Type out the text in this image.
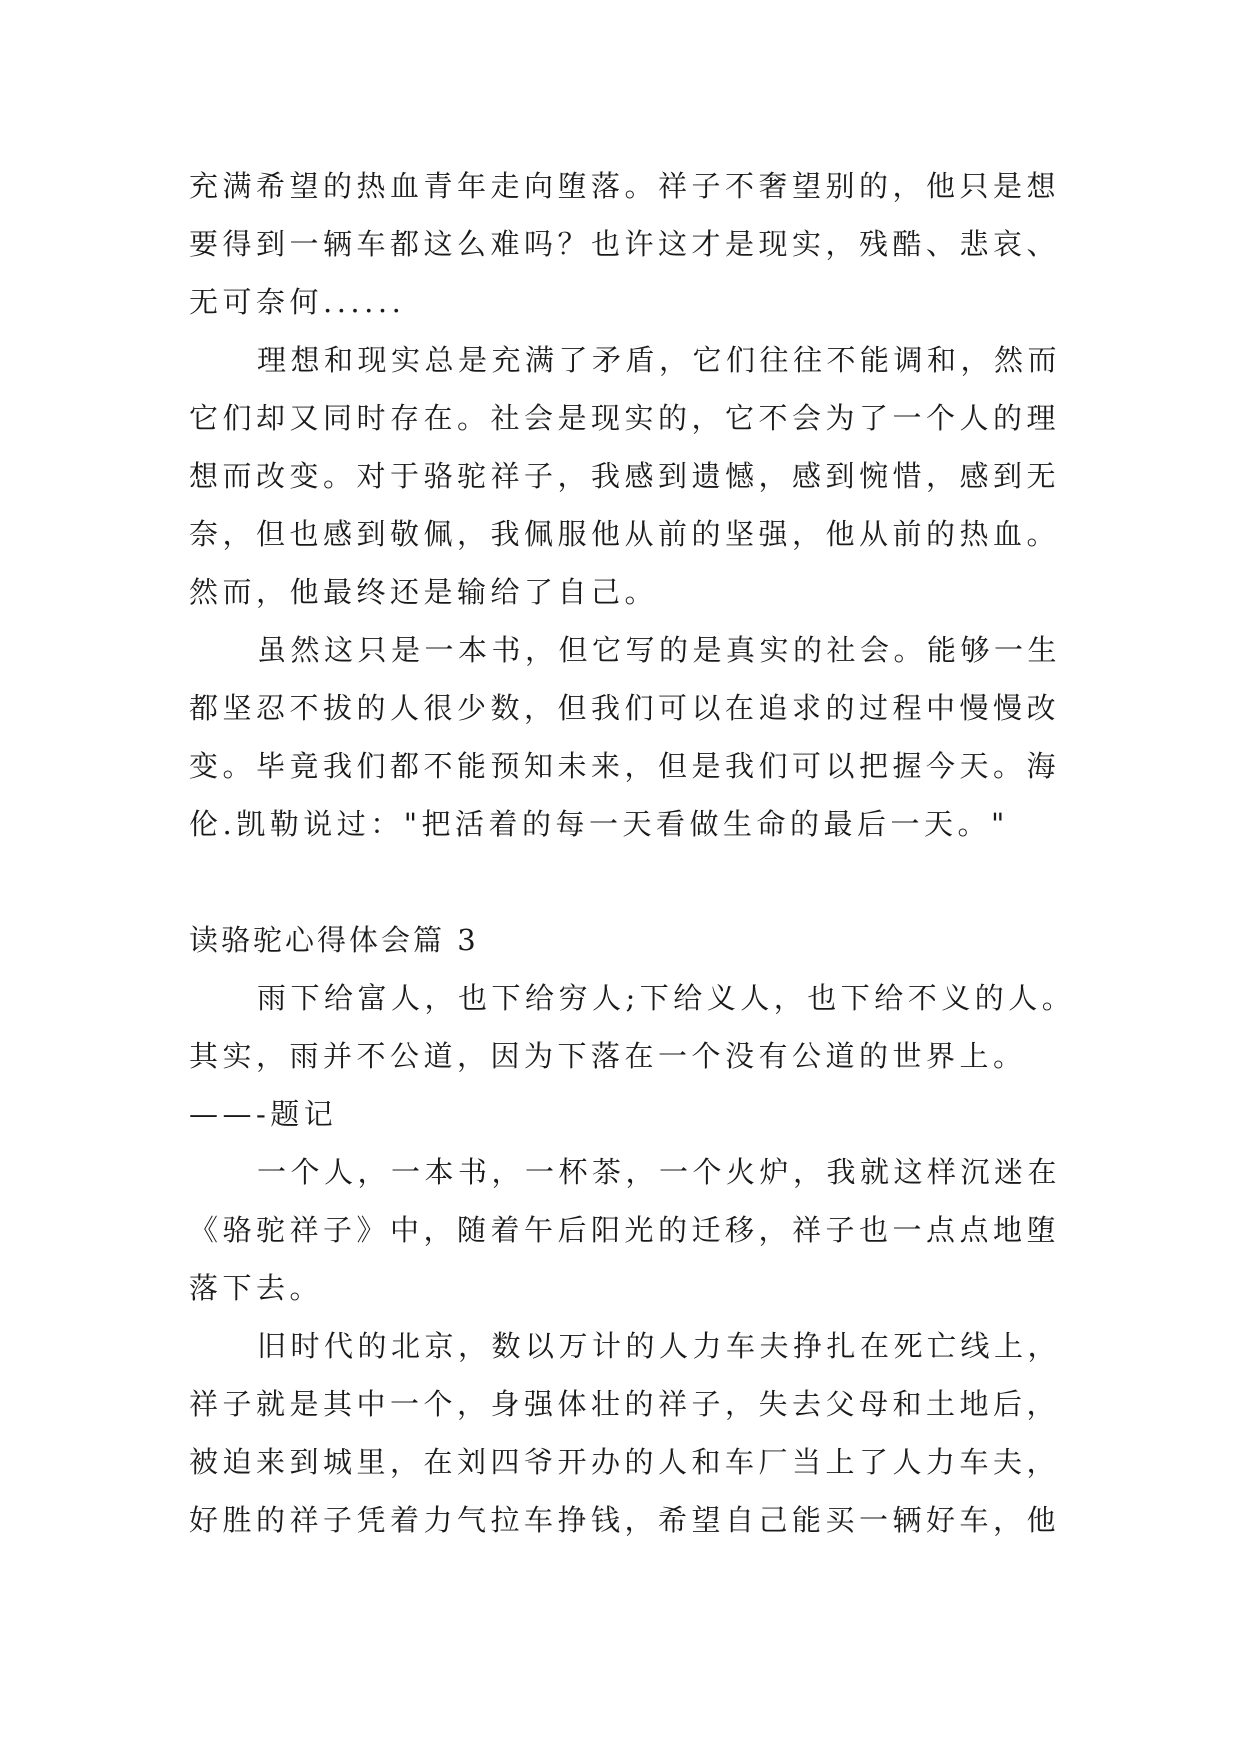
充满希望的热血青年走向堕落。祥子不奢望别的，他只是想
要得到一辆车都这么难吗？也许这才是现实，残酷、悲哀、
无可奈何......
理想和现实总是充满了矛盾，它们往往不能调和，然而
它们却又同时存在。社会是现实的，它不会为了一个人的理
想而改变。对于骆驼祥子，我感到遗憾，感到惋惜，感到无
奈，但也感到敬佩，我佩服他从前的坚强，他从前的热血。
然而，他最终还是输给了自己。
虽然这只是一本书，但它写的是真实的社会。能够一生
都坚忍不拔的人很少数，但我们可以在追求的过程中慢慢改
变。毕竟我们都不能预知未来，但是我们可以把握今天。海
伦.凯勒说过："把活着的每一天看做生命的最后一天。"
读骆驼心得体会篇 3
雨下给富人，也下给穷人;下给义人，也下给不义的人。
其实，雨并不公道，因为下落在一个没有公道的世界上。
——-题记
一个人，一本书，一杯茶，一个火炉，我就这样沉迷在
《骆驼祥子》中，随着午后阳光的迁移，祥子也一点点地堕
落下去。
旧时代的北京，数以万计的人力车夫挣扎在死亡线上，
祥子就是其中一个，身强体壮的祥子，失去父母和土地后，
被迫来到城里，在刘四爷开办的人和车厂当上了人力车夫，
好胜的祥子凭着力气拉车挣钱，希望自己能买一辆好车，他
